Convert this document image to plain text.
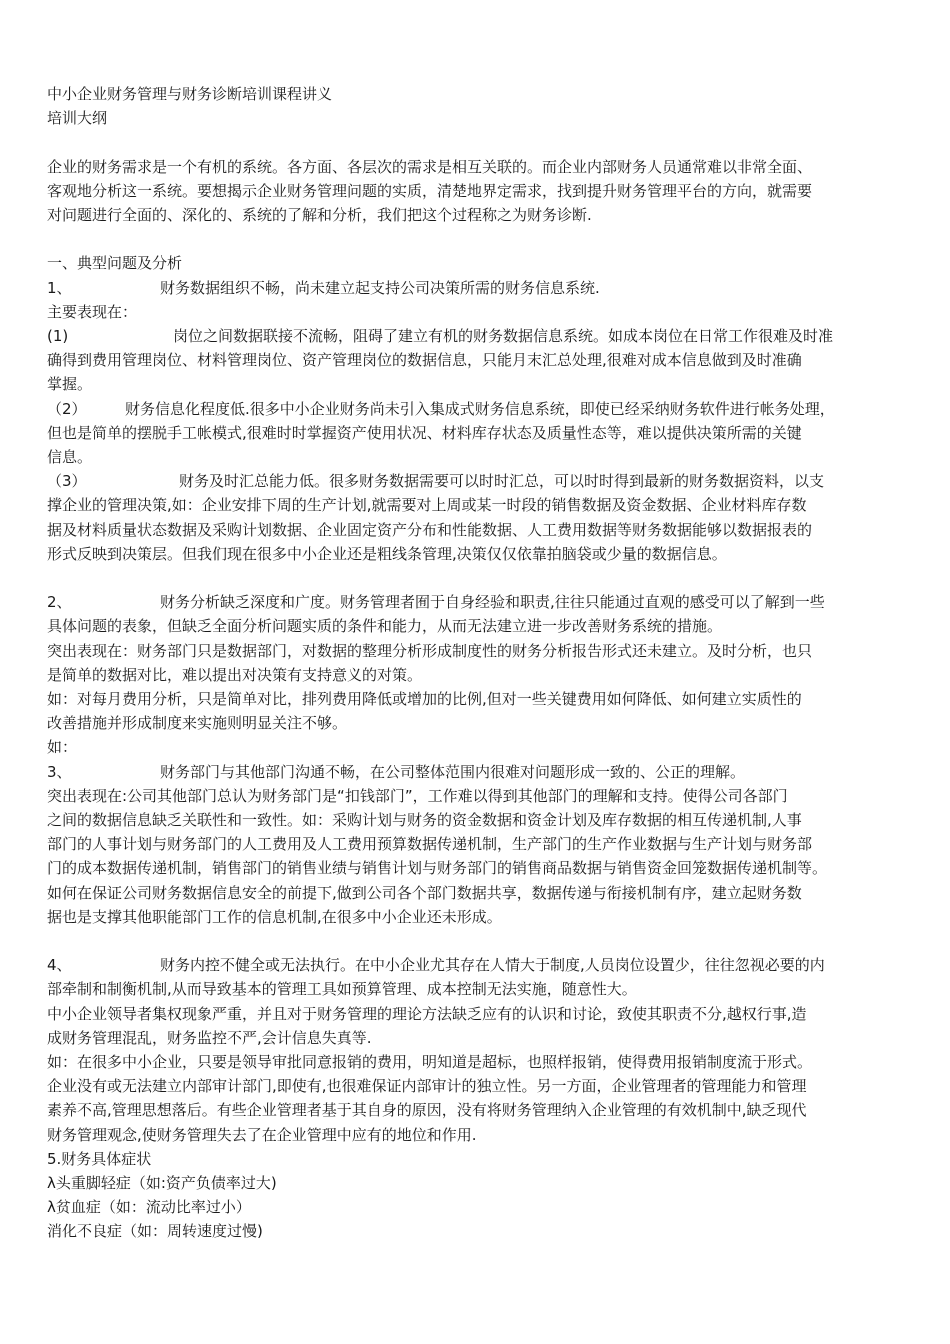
中小企业财务管理与财务诊断培训课程讲义
培训大纲
企业的财务需求是一个有机的系统。各方面、各层次的需求是相互关联的。而企业内部财务人员通常难以非常全面、
客观地分析这一系统。要想揭示企业财务管理问题的实质，清楚地界定需求，找到提升财务管理平台的方向，就需要
对问题进行全面的、深化的、系统的了解和分析，我们把这个过程称之为财务诊断.
一、典型问题及分析
1、	财务数据组织不畅，尚未建立起支持公司决策所需的财务信息系统.
主要表现在：
(1)	岗位之间数据联接不流畅，阻碍了建立有机的财务数据信息系统。如成本岗位在日常工作很难及时准
确得到费用管理岗位、材料管理岗位、资产管理岗位的数据信息，只能月末汇总处理,很难对成本信息做到及时准确
掌握。
（2）	财务信息化程度低.很多中小企业财务尚未引入集成式财务信息系统，即使已经采纳财务软件进行帐务处理，
但也是简单的摆脱手工帐模式,很难时时掌握资产使用状况、材料库存状态及质量性态等，难以提供决策所需的关键
信息。
（3）	财务及时汇总能力低。很多财务数据需要可以时时汇总，可以时时得到最新的财务数据资料，以支
撑企业的管理决策,如：企业安排下周的生产计划,就需要对上周或某一时段的销售数据及资金数据、企业材料库存数
据及材料质量状态数据及采购计划数据、企业固定资产分布和性能数据、人工费用数据等财务数据能够以数据报表的
形式反映到决策层。但我们现在很多中小企业还是粗线条管理,决策仅仅依靠拍脑袋或少量的数据信息。
2、	财务分析缺乏深度和广度。财务管理者囿于自身经验和职责,往往只能通过直观的感受可以了解到一些
具体问题的表象，但缺乏全面分析问题实质的条件和能力，从而无法建立进一步改善财务系统的措施。
突出表现在：财务部门只是数据部门，对数据的整理分析形成制度性的财务分析报告形式还未建立。及时分析，也只
是简单的数据对比，难以提出对决策有支持意义的对策。
如：对每月费用分析，只是简单对比，排列费用降低或增加的比例,但对一些关键费用如何降低、如何建立实质性的
改善措施并形成制度来实施则明显关注不够。
如：
3、	财务部门与其他部门沟通不畅，在公司整体范围内很难对问题形成一致的、公正的理解。
突出表现在:公司其他部门总认为财务部门是“扣钱部门”，工作难以得到其他部门的理解和支持。使得公司各部门
之间的数据信息缺乏关联性和一致性。如：采购计划与财务的资金数据和资金计划及库存数据的相互传递机制,人事
部门的人事计划与财务部门的人工费用及人工费用预算数据传递机制，生产部门的生产作业数据与生产计划与财务部
门的成本数据传递机制，销售部门的销售业绩与销售计划与财务部门的销售商品数据与销售资金回笼数据传递机制等。
如何在保证公司财务数据信息安全的前提下,做到公司各个部门数据共享，数据传递与衔接机制有序，建立起财务数
据也是支撑其他职能部门工作的信息机制,在很多中小企业还未形成。
4、	财务内控不健全或无法执行。在中小企业尤其存在人情大于制度,人员岗位设置少，往往忽视必要的内
部牵制和制衡机制,从而导致基本的管理工具如预算管理、成本控制无法实施，随意性大。
中小企业领导者集权现象严重，并且对于财务管理的理论方法缺乏应有的认识和讨论，致使其职责不分,越权行事,造
成财务管理混乱，财务监控不严,会计信息失真等.
如：在很多中小企业，只要是领导审批同意报销的费用，明知道是超标，也照样报销，使得费用报销制度流于形式。
企业没有或无法建立内部审计部门,即使有,也很难保证内部审计的独立性。另一方面，企业管理者的管理能力和管理
素养不高,管理思想落后。有些企业管理者基于其自身的原因，没有将财务管理纳入企业管理的有效机制中,缺乏现代
财务管理观念,使财务管理失去了在企业管理中应有的地位和作用.
5.财务具体症状
λ头重脚轻症（如:资产负债率过大)
λ贫血症（如：流动比率过小）
消化不良症（如：周转速度过慢)
